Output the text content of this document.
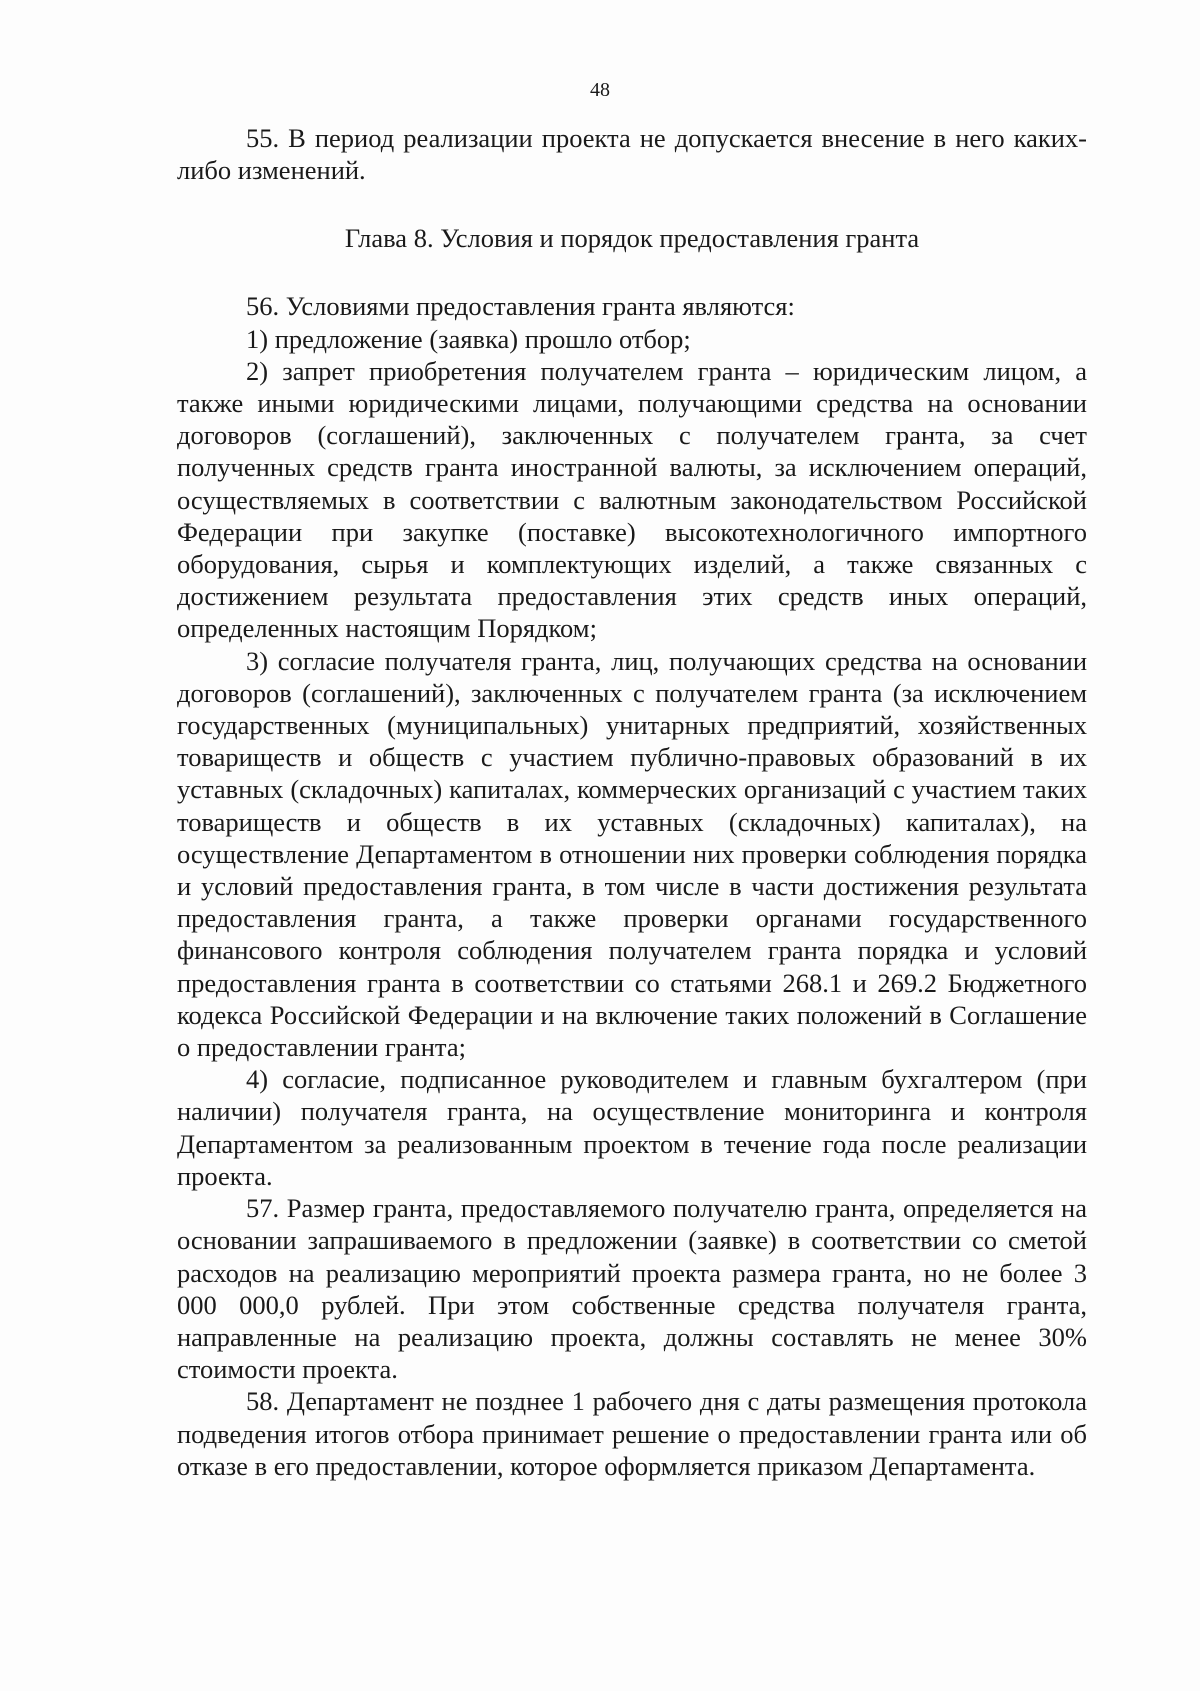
48

55. В период реализации проекта не допускается внесение в него каких-либо изменений.

Глава 8. Условия и порядок предоставления гранта

56. Условиями предоставления гранта являются:

1) предложение (заявка) прошло отбор;

2) запрет приобретения получателем гранта – юридическим лицом, а также иными юридическими лицами, получающими средства на основании договоров (соглашений), заключенных с получателем гранта, за счет полученных средств гранта иностранной валюты, за исключением операций, осуществляемых в соответствии с валютным законодательством Российской Федерации при закупке (поставке) высокотехнологичного импортного оборудования, сырья и комплектующих изделий, а также связанных с достижением результата предоставления этих средств иных операций, определенных настоящим Порядком;

3) согласие получателя гранта, лиц, получающих средства на основании договоров (соглашений), заключенных с получателем гранта (за исключением государственных (муниципальных) унитарных предприятий, хозяйственных товариществ и обществ с участием публично-правовых образований в их уставных (складочных) капиталах, коммерческих организаций с участием таких товариществ и обществ в их уставных (складочных) капиталах), на осуществление Департаментом в отношении них проверки соблюдения порядка и условий предоставления гранта, в том числе в части достижения результата предоставления гранта, а также проверки органами государственного финансового контроля соблюдения получателем гранта порядка и условий предоставления гранта в соответствии со статьями 268.1 и 269.2 Бюджетного кодекса Российской Федерации и на включение таких положений в Соглашение о предоставлении гранта;

4) согласие, подписанное руководителем и главным бухгалтером (при наличии) получателя гранта, на осуществление мониторинга и контроля Департаментом за реализованным проектом в течение года после реализации проекта.

57. Размер гранта, предоставляемого получателю гранта, определяется на основании запрашиваемого в предложении (заявке) в соответствии со сметой расходов на реализацию мероприятий проекта размера гранта, но не более 3 000 000,0 рублей. При этом собственные средства получателя гранта, направленные на реализацию проекта, должны составлять не менее 30% стоимости проекта.

58. Департамент не позднее 1 рабочего дня с даты размещения протокола подведения итогов отбора принимает решение о предоставлении гранта или об отказе в его предоставлении, которое оформляется приказом Департамента.
